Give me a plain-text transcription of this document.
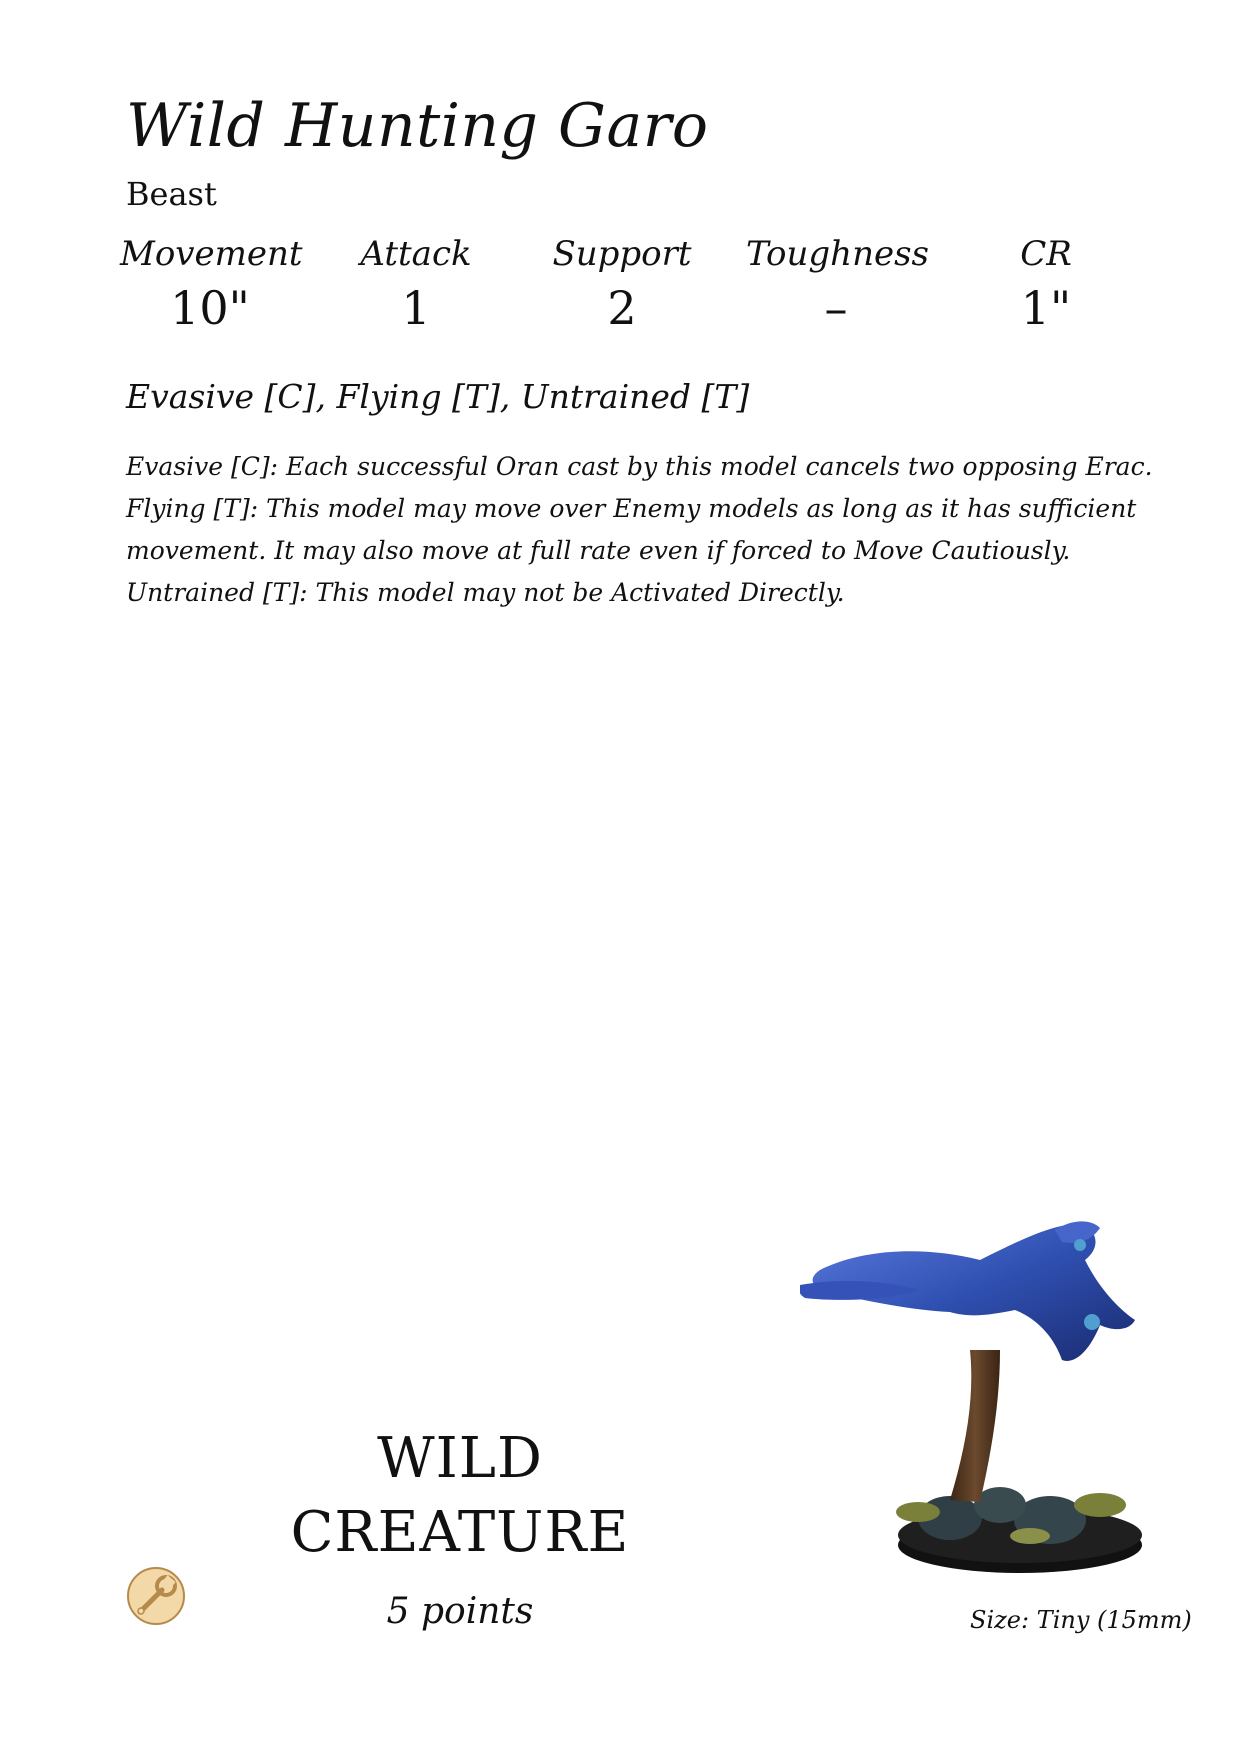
Wild Hunting Garo
Beast
Movement
10"
Attack
1
Support
2
Toughness
–
CR
1"
Evasive [C], Flying [T], Untrained [T]
Evasive [C]: Each successful Oran cast by this model cancels two opposing Erac.
Flying [T]: This model may move over Enemy models as long as it has sufficient
movement. It may also move at full rate even if forced to Move Cautiously.
Untrained [T]: This model may not be Activated Directly.
WILD
CREATURE
5 points	Size: Tiny (15mm)
